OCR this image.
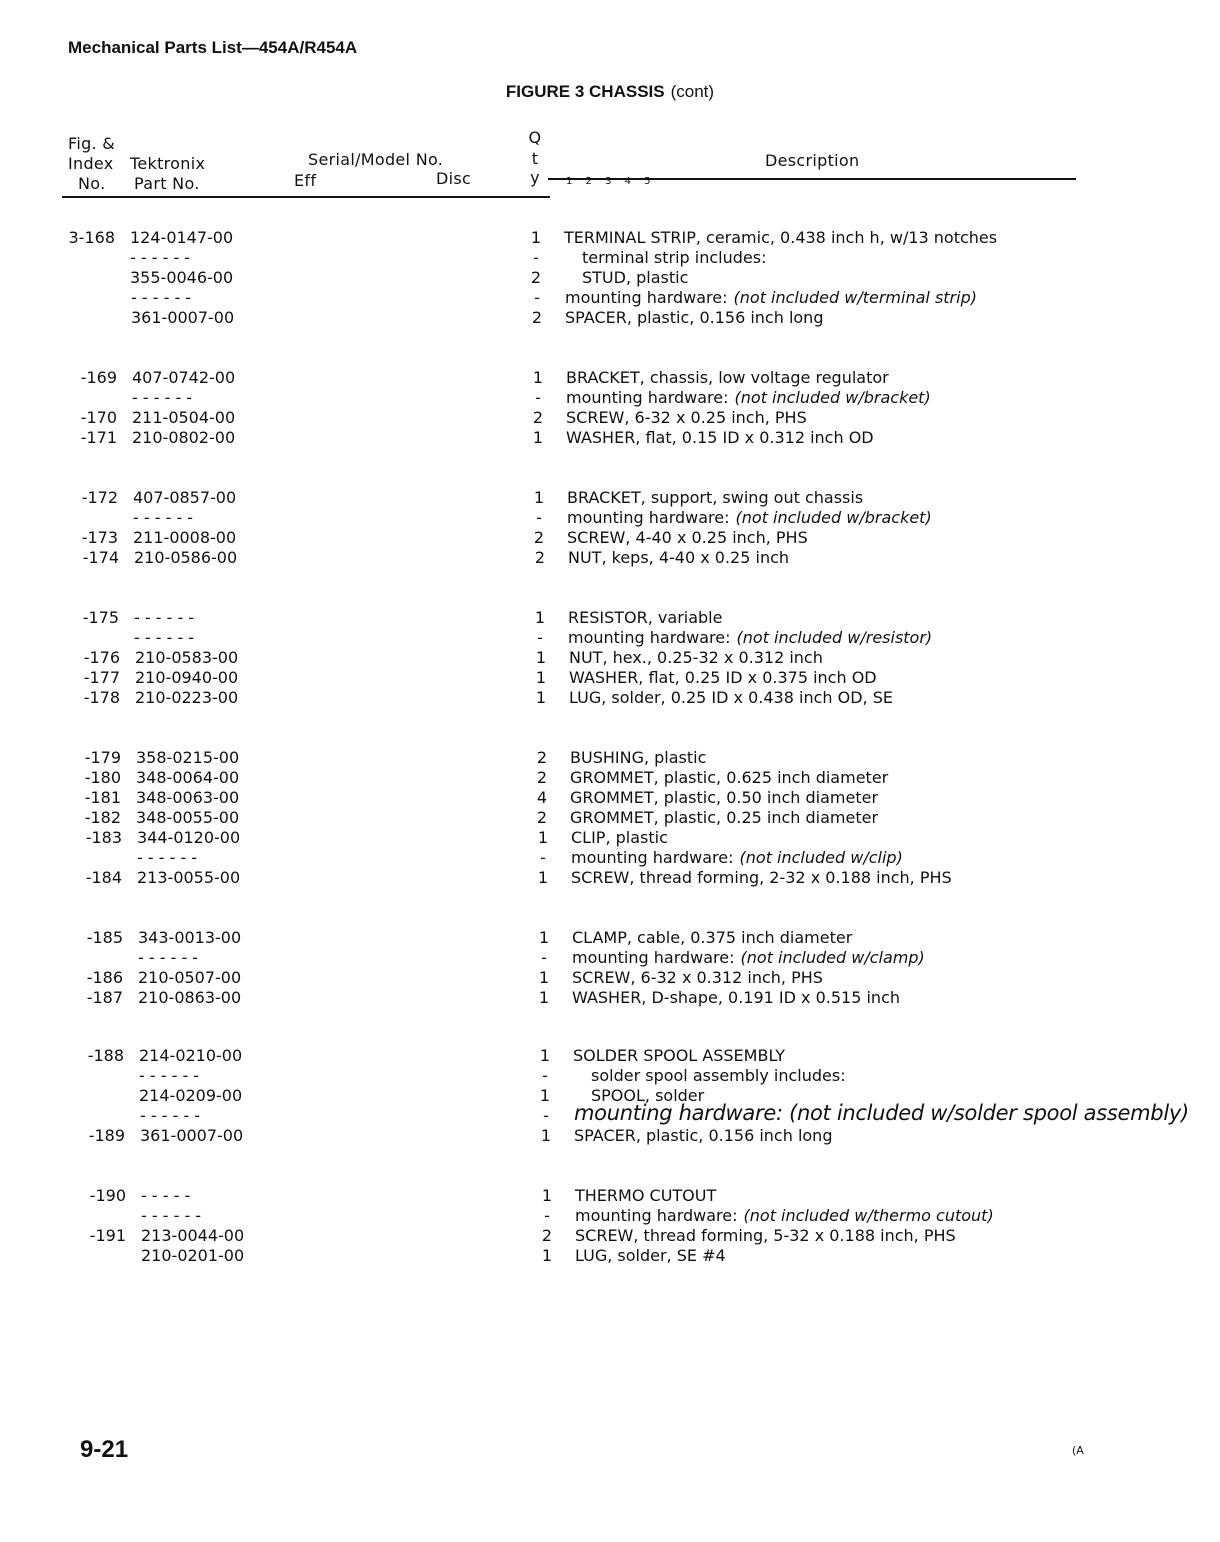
Mechanical Parts List—454A/R454A
FIGURE 3 CHASSIS (cont)
Fig. &
Index
No.
Tektronix
Part No.
Serial/Model No.
Eff	Disc
Q
t
y	1 2 3 4 5
Description
3-168 124-0147-00	1	TERMINAL STRIP, ceramic, 0.438 inch h, w/13 notches
- - - - - -	-	terminal strip includes:
355-0046-00	2	STUD, plastic
- - - - - -	-	mounting hardware: (not included w/terminal strip)
361-0007-00	2	SPACER, plastic, 0.156 inch long
-169 407-0742-00	1	BRACKET, chassis, low voltage regulator
- - - - - -	-	mounting hardware: (not included w/bracket)
-170 211-0504-00	2	SCREW, 6-32 x 0.25 inch, PHS
-171 210-0802-00	1	WASHER, flat, 0.15 ID x 0.312 inch OD
-172 407-0857-00	1	BRACKET, support, swing out chassis
- - - - - -	-	mounting hardware: (not included w/bracket)
-173 211-0008-00	2	SCREW, 4-40 x 0.25 inch, PHS
-174 210-0586-00	2	NUT, keps, 4-40 x 0.25 inch
-175 - - - - - -	1	RESISTOR, variable
- - - - - -	-	mounting hardware: (not included w/resistor)
-176 210-0583-00	1	NUT, hex., 0.25-32 x 0.312 inch
-177 210-0940-00	1	WASHER, flat, 0.25 ID x 0.375 inch OD
-178 210-0223-00	1	LUG, solder, 0.25 ID x 0.438 inch OD, SE
-179 358-0215-00	2	BUSHING, plastic
-180 348-0064-00	2	GROMMET, plastic, 0.625 inch diameter
-181 348-0063-00	4	GROMMET, plastic, 0.50 inch diameter
-182 348-0055-00	2	GROMMET, plastic, 0.25 inch diameter
-183 344-0120-00	1	CLIP, plastic
- - - - - -	-	mounting hardware: (not included w/clip)
-184 213-0055-00	1	SCREW, thread forming, 2-32 x 0.188 inch, PHS
-185 343-0013-00	1	CLAMP, cable, 0.375 inch diameter
- - - - - -	-	mounting hardware: (not included w/clamp)
-186 210-0507-00	1	SCREW, 6-32 x 0.312 inch, PHS
-187 210-0863-00	1	WASHER, D-shape, 0.191 ID x 0.515 inch
-188 214-0210-00	1	SOLDER SPOOL ASSEMBLY
- - - - - -	-	solder spool assembly includes:
214-0209-00	1	SPOOL, solder
- - - - - -	-	mounting hardware: (not included w/solder spool assembly)
-189 361-0007-00	1	SPACER, plastic, 0.156 inch long
-190 - - - - -	1	THERMO CUTOUT
- - - - - -	-	mounting hardware: (not included w/thermo cutout)
-191 213-0044-00	2	SCREW, thread forming, 5-32 x 0.188 inch, PHS
210-0201-00	1	LUG, solder, SE #4
9-21	(A
